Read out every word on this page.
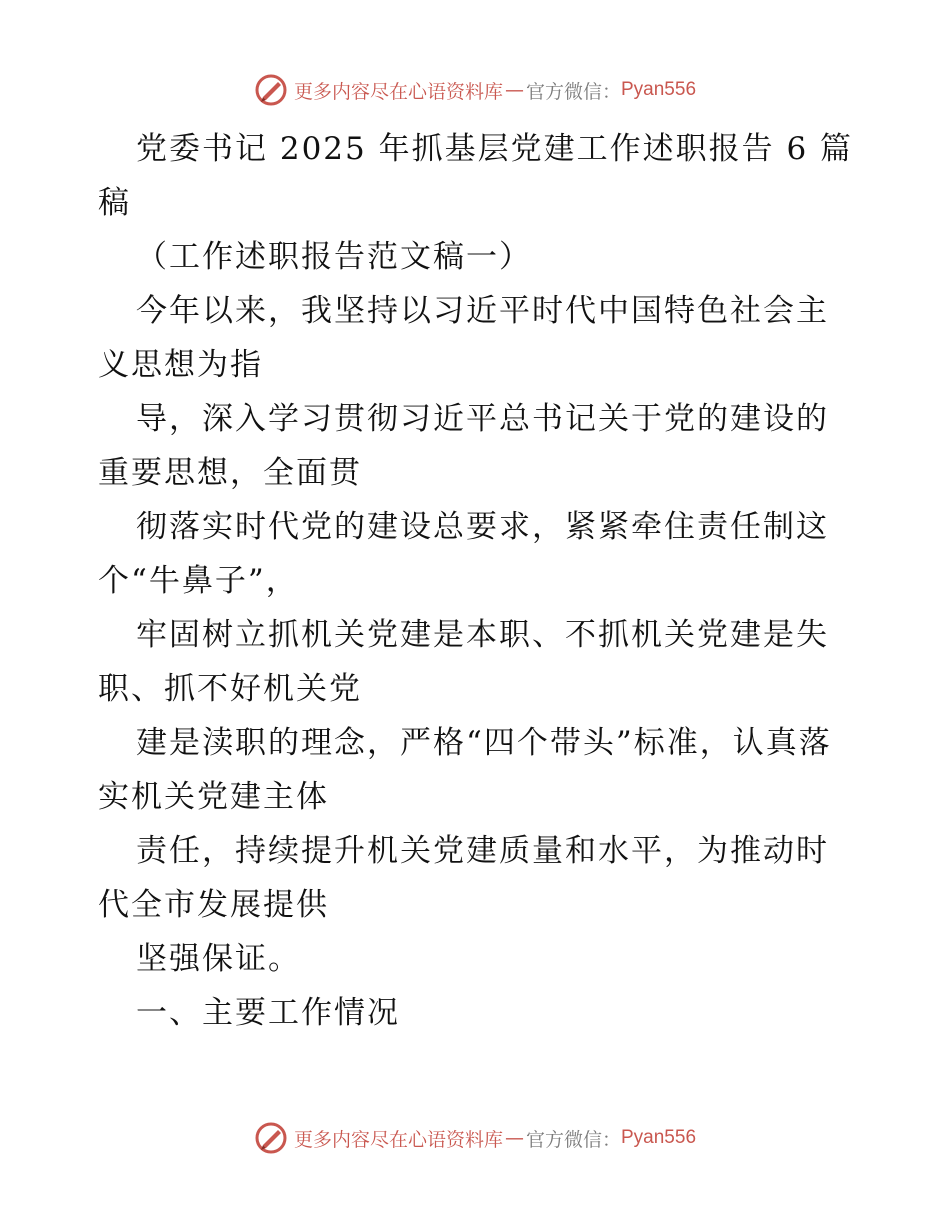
更多内容尽在心语资料库 — 官方微信： Pyan556

党委书记 2025 年抓基层党建工作述职报告 6 篇稿

（工作述职报告范文稿一）

今年以来，我坚持以习近平时代中国特色社会主义思想为指

导，深入学习贯彻习近平总书记关于党的建设的重要思想，全面贯

彻落实时代党的建设总要求，紧紧牵住责任制这个“牛鼻子”，

牢固树立抓机关党建是本职、不抓机关党建是失职、抓不好机关党

建是渎职的理念，严格“四个带头”标准，认真落实机关党建主体

责任，持续提升机关党建质量和水平，为推动时代全市发展提供

坚强保证。

一、主要工作情况

更多内容尽在心语资料库 — 官方微信： Pyan556
